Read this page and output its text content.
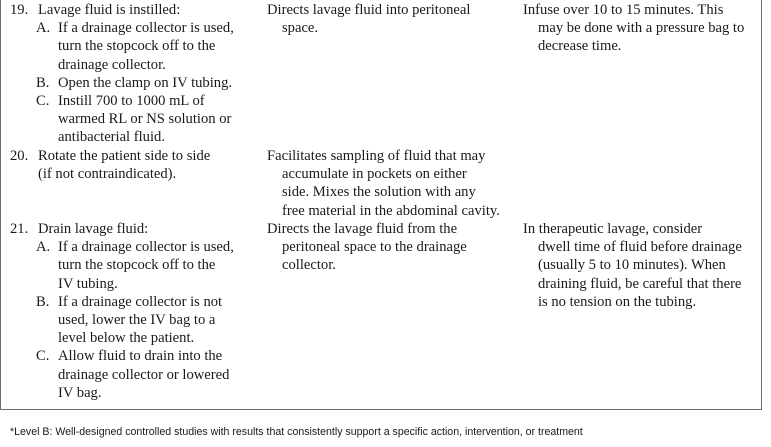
19. Lavage fluid is instilled:

A. If a drainage collector is used,
turn the stopcock off to the
drainage collector.
B. Open the clamp on IV tubing.
C. Instill 700 to 1000 mL of
warmed RL or NS solution or
antibacterial fluid.
Directs lavage fluid into peritoneal
space.
Infuse over 10 to 15 minutes. This
may be done with a pressure bag to
decrease time.

20. Rotate the patient side to side
(if not contraindicated).

Facilitates sampling of fluid that may
accumulate in pockets on either
side. Mixes the solution with any
free material in the abdominal cavity.

21. Drain lavage fluid:

A. If a drainage collector is used,
turn the stopcock off to the
IV tubing.
B. If a drainage collector is not
used, lower the IV bag to a
level below the patient.
C. Allow fluid to drain into the
drainage collector or lowered
IV bag.
Directs the lavage fluid from the
peritoneal space to the drainage
collector.
In therapeutic lavage, consider
dwell time of fluid before drainage
(usually 5 to 10 minutes). When
draining fluid, be careful that there
is no tension on the tubing.
*Level B: Well-designed controlled studies with results that consistently support a specific action, intervention, or treatment
